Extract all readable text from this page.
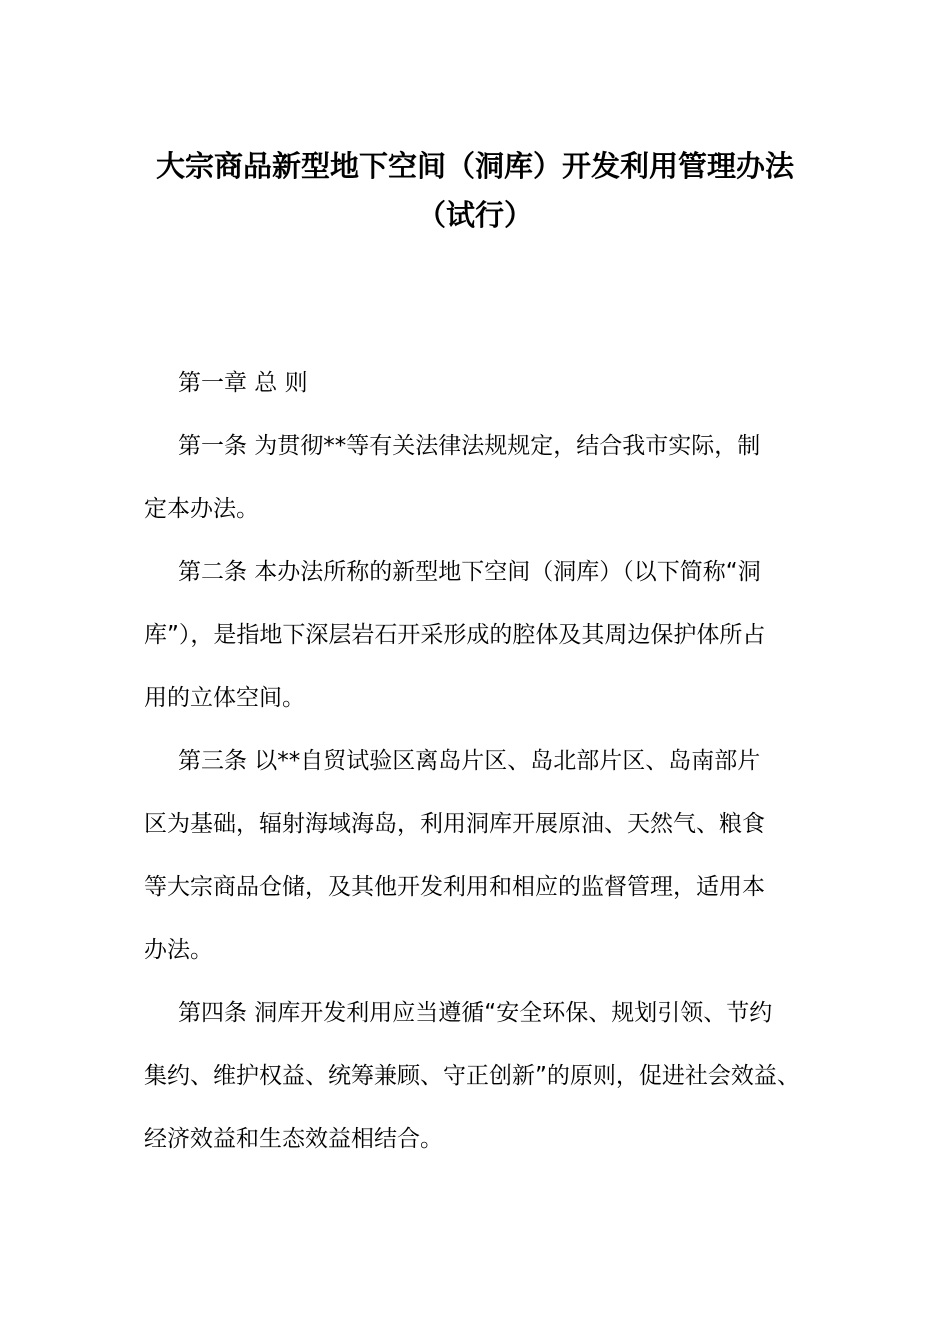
大宗商品新型地下空间（洞库）开发利用管理办法
（试行）
第一章 总 则
第一条 为贯彻**等有关法律法规规定，结合我市实际，制
定本办法。
第二条 本办法所称的新型地下空间（洞库）（以下简称“洞
库”），是指地下深层岩石开采形成的腔体及其周边保护体所占
用的立体空间。
第三条 以**自贸试验区离岛片区、岛北部片区、岛南部片
区为基础，辐射海域海岛，利用洞库开展原油、天然气、粮食
等大宗商品仓储，及其他开发利用和相应的监督管理，适用本
办法。
第四条 洞库开发利用应当遵循“安全环保、规划引领、节约
集约、维护权益、统筹兼顾、守正创新”的原则，促进社会效益、
经济效益和生态效益相结合。
